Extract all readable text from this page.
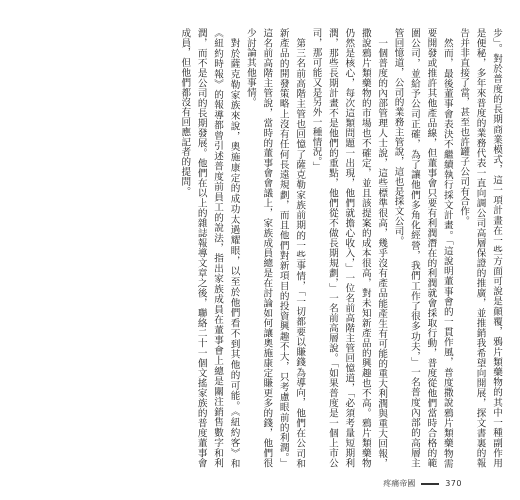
步」。對於普度的長期商業模式，這一項計畫在一些方面可說是顛覆，鴉片類藥物的其中一種副作用是便秘，多年來普度的業務代表一直向調公司高層保證的推廣，並推銷我希望向開展，探文書裏的報告并非直接了當，甚至也許罐子公司有合作。

然而，最後董事會表決不繼續執行採文計畫。「這說明董事會的一貫作風，普度撒說鴉片類藥物需要開發或推許其他產品線，但董事會只要有利潤潛在的利潤就會採取行動，普度從他們當時合格的範圍公司，並給予公司正確，為了讓他們多角化經營，我們工作了很多功夫，」一名普度內部的高層主管回憶道，公司的業務主管說，這也是採文公司。

一個普度的內部管理人士說，這些標準很高，幾乎沒有產品能產生有可能的重大利潤與重大回報，撒說鴉片類藥物的市場也不確定，並且該提案的成本很高，對未知新產品的興趣也不高。鴉片類藥物仍然是核心，每次這類問題一出現，他們就擔心收入，」一位名前高階主管回憶道，「必須考量短期利潤，那些長期計畫不是他們的重點，他們從不做長期規劃，」一名前高層說。「如果普度是一個上市公司，那可能又是另外一種情況。」

第三名前高階主管也回憶了薩克勒家族前期的一些事情，「一切都要以賺錢為導向，他們在公司和新產品的開發策略上沒有任何長遠規劃，而且他們對新項目的投資興趣不大，只考慮眼前的利潤。」這名前高階主管說，當時的董事會會議上，家族成員總是在討論如何讓奧施康定賺更多的錢，他們很少討論其他事情。

對於薩克勒家族來說，奧施康定的成功太過耀眼，以至於他們看不到其他的可能。《紐約客》和《紐約時報》的報導都曾引述普度前員工的說法，指出家族成員在董事會上總是關注銷售數字和利潤，而不是公司的長期發展。他們在以上的雜誌報導文章之後，聯絡二十一個文搖家族的普度董事會成員，但他們都沒有回應記者的提問。

疼痛帝國	370
